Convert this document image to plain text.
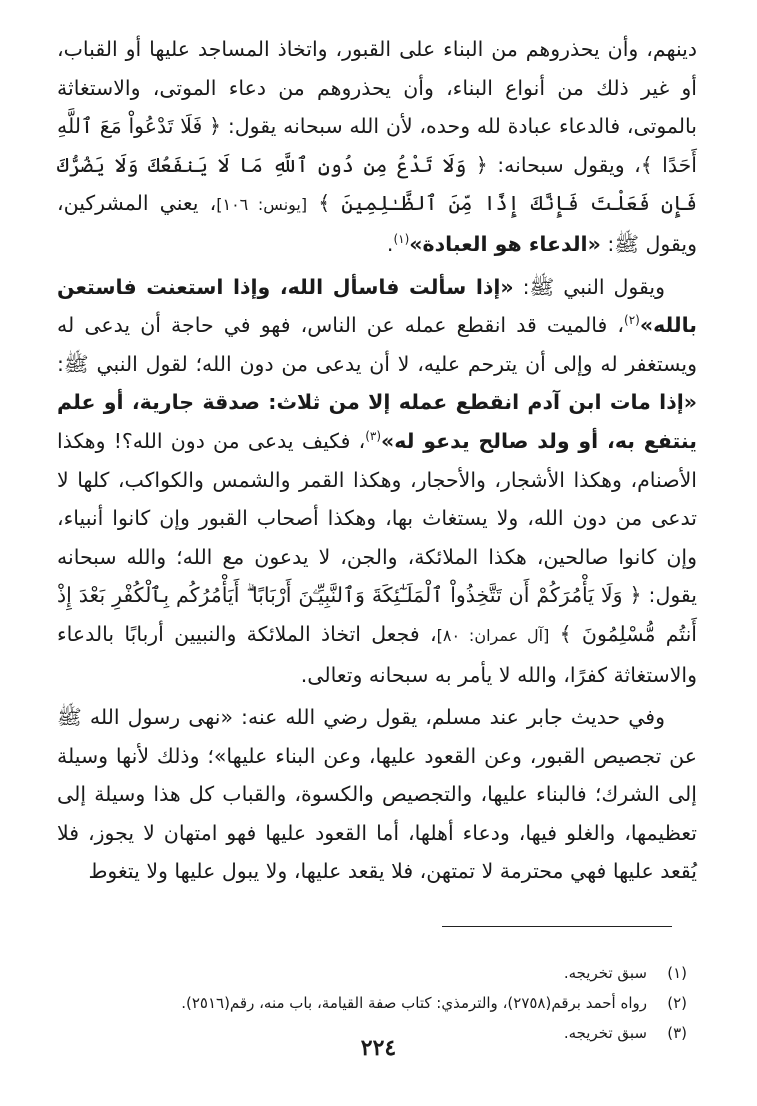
دينهم، وأن يحذروهم من البناء على القبور، واتخاذ المساجد عليها أو القباب، أو غير ذلك من أنواع البناء، وأن يحذروهم من دعاء الموتى، والاستغاثة بالموتى، فالدعاء عبادة لله وحده، لأن الله سبحانه يقول: ﴿ فَلَا تَدْعُواْ مَعَ ٱللَّهِ أَحَدًا ﴾، ويقول سبحانه: ﴿ وَلَا تَدْعُ مِن دُونِ ٱللَّهِ مَا لَا يَنفَعُكَ وَلَا يَضُرُّكَ فَإِن فَعَلْتَ فَإِنَّكَ إِذًا مِّنَ ٱلظَّـٰلِمِينَ ﴾ [يونس: ١٠٦]، يعني المشركين، ويقول ﷺ: «الدعاء هو العبادة»$^{(١)}$.

ويقول النبي ﷺ: «إذا سألت فاسأل الله، وإذا استعنت فاستعن بالله»$^{(٢)}$، فالميت قد انقطع عمله عن الناس، فهو في حاجة أن يدعى له ويستغفر له وإلى أن يترحم عليه، لا أن يدعى من دون الله؛ لقول النبي ﷺ: «إذا مات ابن آدم انقطع عمله إلا من ثلاث: صدقة جارية، أو علم ينتفع به، أو ولد صالح يدعو له»$^{(٣)}$، فكيف يدعى من دون الله؟! وهكذا الأصنام، وهكذا الأشجار، والأحجار، وهكذا القمر والشمس والكواكب، كلها لا تدعى من دون الله، ولا يستغاث بها، وهكذا أصحاب القبور وإن كانوا أنبياء، وإن كانوا صالحين، هكذا الملائكة، والجن، لا يدعون مع الله؛ والله سبحانه يقول: ﴿ وَلَا يَأْمُرَكُمْ أَن تَتَّخِذُواْ ٱلْمَلَـٰٓئِكَةَ وَٱلنَّبِيِّـۧنَ أَرْبَابًا ۗ أَيَأْمُرُكُم بِٱلْكُفْرِ بَعْدَ إِذْ أَنتُم مُّسْلِمُونَ ﴾ [آل عمران: ٨٠]، فجعل اتخاذ الملائكة والنبيين أربابًا بالدعاء والاستغاثة كفرًا، والله لا يأمر به سبحانه وتعالى.

وفي حديث جابر عند مسلم، يقول رضي الله عنه: «نهى رسول الله ﷺ عن تجصيص القبور، وعن القعود عليها، وعن البناء عليها»؛ وذلك لأنها وسيلة إلى الشرك؛ فالبناء عليها، والتجصيص والكسوة، والقباب كل هذا وسيلة إلى تعظيمها، والغلو فيها، ودعاء أهلها، أما القعود عليها فهو امتهان لا يجوز، فلا يُقعد عليها فهي محترمة لا تمتهن، فلا يقعد عليها، ولا يبول عليها ولا يتغوط

(١)
سبق تخريجه.
(٢)
رواه أحمد برقم(٢٧٥٨)، والترمذي: كتاب صفة القيامة، باب منه، رقم(٢٥١٦).
(٣)
سبق تخريجه.
٢٢٤
